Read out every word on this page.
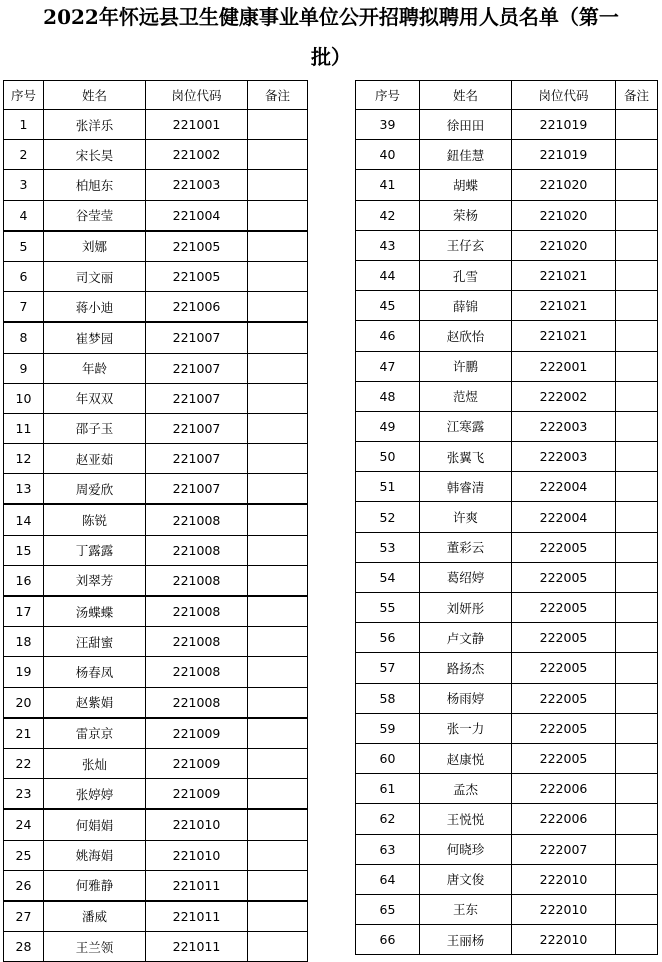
2022年怀远县卫生健康事业单位公开招聘拟聘用人员名单（第一
批）
序号	姓名	岗位代码	备注
1	张洋乐	221001	
2	宋长昊	221002	
3	柏旭东	221003	
4	谷莹莹	221004	
5	刘娜	221005	
6	司文丽	221005	
7	蒋小迪	221006	
8	崔梦园	221007	
9	年龄	221007	
10	年双双	221007	
11	邵子玉	221007	
12	赵亚茹	221007	
13	周爱欣	221007	
14	陈锐	221008	
15	丁露露	221008	
16	刘翠芳	221008	
17	汤蝶蝶	221008	
18	汪甜蜜	221008	
19	杨春凤	221008	
20	赵紫娟	221008	
21	雷京京	221009	
22	张灿	221009	
23	张婷婷	221009	
24	何娟娟	221010	
25	姚海娟	221010	
26	何雅静	221011	
27	潘威	221011	
28	王兰领	221011	
序号	姓名	岗位代码	备注
39	徐田田	221019	
40	鈕佳慧	221019	
41	胡蝶	221020	
42	荣杨	221020	
43	王仔玄	221020	
44	孔雪	221021	
45	薛锦	221021	
46	赵欣怡	221021	
47	许鹏	222001	
48	范煜	222002	
49	江寒露	222003	
50	张翼飞	222003	
51	韩睿清	222004	
52	许爽	222004	
53	董彩云	222005	
54	葛绍婷	222005	
55	刘妍彤	222005	
56	卢文静	222005	
57	路扬杰	222005	
58	杨雨婷	222005	
59	张一力	222005	
60	赵康悦	222005	
61	孟杰	222006	
62	王悦悦	222006	
63	何晓珍	222007	
64	唐文俊	222010	
65	王东	222010	
66	王丽杨	222010	
